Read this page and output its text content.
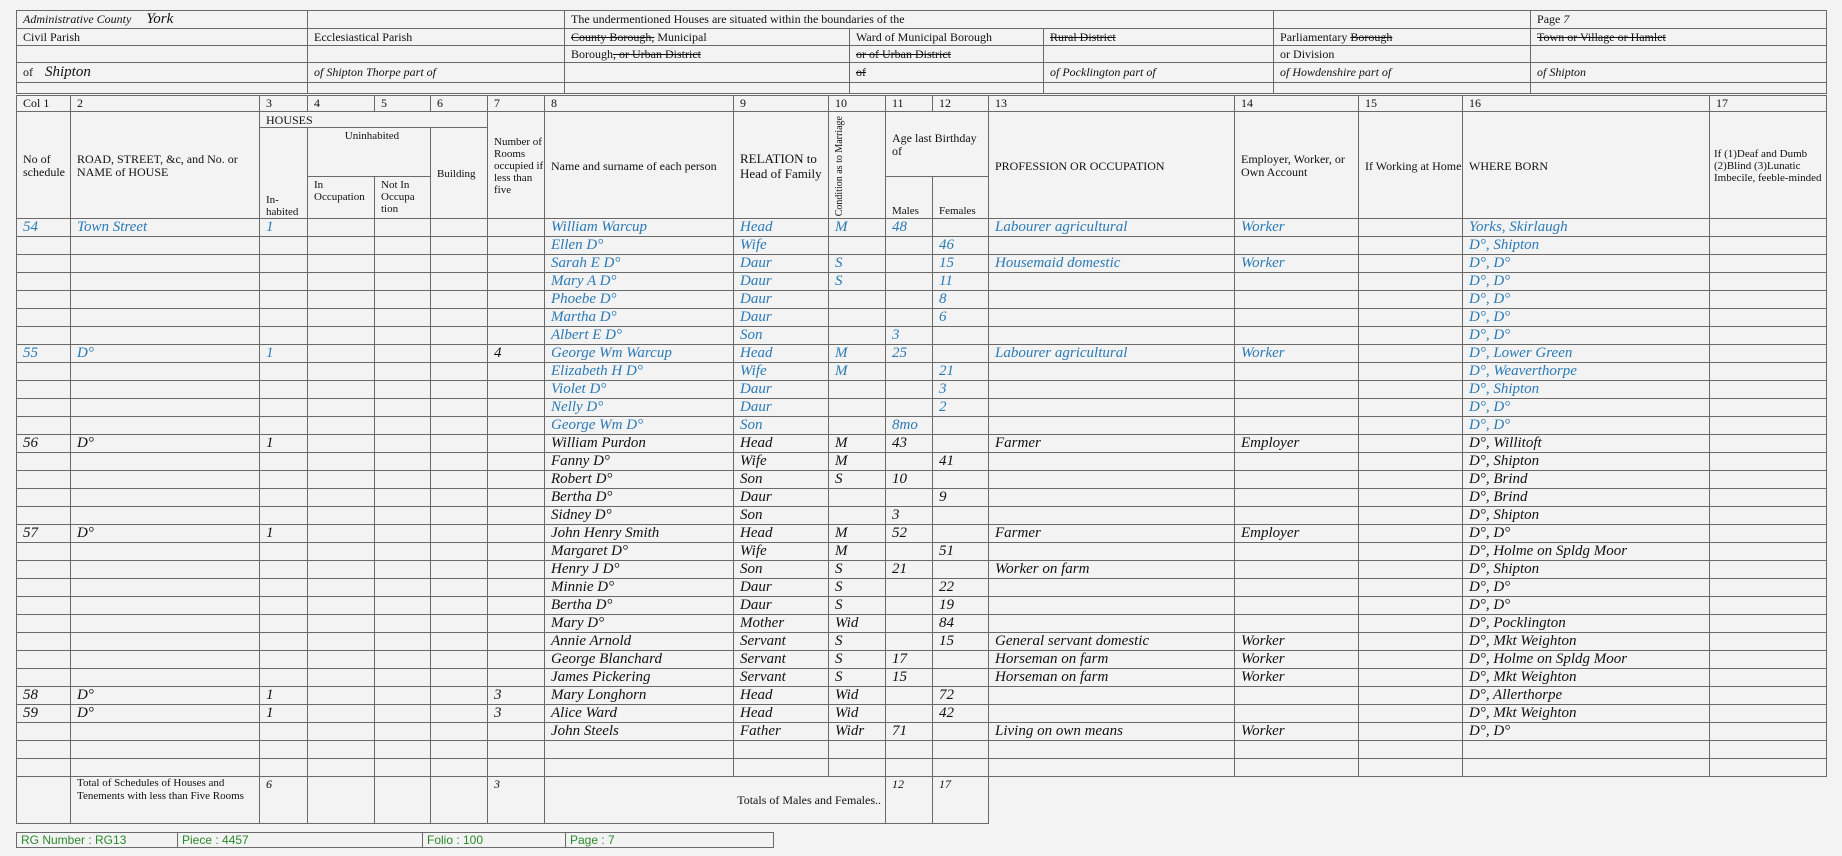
Administrative County York		The undermentioned Houses are situated within the boundaries of the				Page 7
Civil Parish	Ecclesiastical Parish	County Borough, Municipal	Ward of Municipal Borough	Rural District	Parliamentary Borough	Town or Village or Hamlet
		Borough, or Urban District	or of Urban District		or Division	
of Shipton	of Shipton Thorpe part of		of	of Pocklington part of	of Howdenshire part of	of Shipton

Col 1	2	3	4	5	6	7	8	9	10	11	12	13	14	15	16	17
No of schedule	ROAD, STREET, &c, and No. or NAME of HOUSE	HOUSES				Number of Rooms occupied if less than five	Name and surname of each person	RELATION to Head of Family	Condition as to Marriage	Age last Birthday of		PROFESSION OR OCCUPATION	Employer, Worker, or Own Account	If Working at Home	WHERE BORN	If (1)Deaf and Dumb (2)Blind (3)Lunatic Imbecile, feeble-minded
		In- habited	Uninhabited		Building											
			In Occupation	Not In Occupa tion						Males	Females					
54	Town Street	1					William Warcup	Head	M	48		Labourer agricultural	Worker		Yorks, Skirlaugh	
							Ellen D°	Wife			46				D°, Shipton	
							Sarah E D°	Daur	S		15	Housemaid domestic	Worker		D°, D°	
							Mary A D°	Daur	S		11				D°, D°	
							Phoebe D°	Daur			8				D°, D°	
							Martha D°	Daur			6				D°, D°	
							Albert E D°	Son		3					D°, D°	
55	D°	1				4	George Wm Warcup	Head	M	25		Labourer agricultural	Worker		D°, Lower Green	
							Elizabeth H D°	Wife	M		21				D°, Weaverthorpe	
							Violet D°	Daur			3				D°, Shipton	
							Nelly D°	Daur			2				D°, D°	
							George Wm D°	Son		8mo					D°, D°	
56	D°	1					William Purdon	Head	M	43		Farmer	Employer		D°, Willitoft	
							Fanny D°	Wife	M		41				D°, Shipton	
							Robert D°	Son	S	10					D°, Brind	
							Bertha D°	Daur			9				D°, Brind	
							Sidney D°	Son		3					D°, Shipton	
57	D°	1					John Henry Smith	Head	M	52		Farmer	Employer		D°, D°	
							Margaret D°	Wife	M		51				D°, Holme on Spldg Moor	
							Henry J D°	Son	S	21		Worker on farm			D°, Shipton	
							Minnie D°	Daur	S		22				D°, D°	
							Bertha D°	Daur	S		19				D°, D°	
							Mary D°	Mother	Wid		84				D°, Pocklington	
							Annie Arnold	Servant	S		15	General servant domestic	Worker		D°, Mkt Weighton	
							George Blanchard	Servant	S	17		Horseman on farm	Worker		D°, Holme on Spldg Moor	
							James Pickering	Servant	S	15		Horseman on farm	Worker		D°, Mkt Weighton	
58	D°	1				3	Mary Longhorn	Head	Wid		72				D°, Allerthorpe	
59	D°	1				3	Alice Ward	Head	Wid		42				D°, Mkt Weighton	
							John Steels	Father	Widr	71		Living on own means	Worker		D°, D°	

	Total of Schedules of Houses and Tenements with less than Five Rooms	6				3	Totals of Males and Females..			12	17					
RG Number : RG13	Piece : 4457	Folio : 100	Page : 7
